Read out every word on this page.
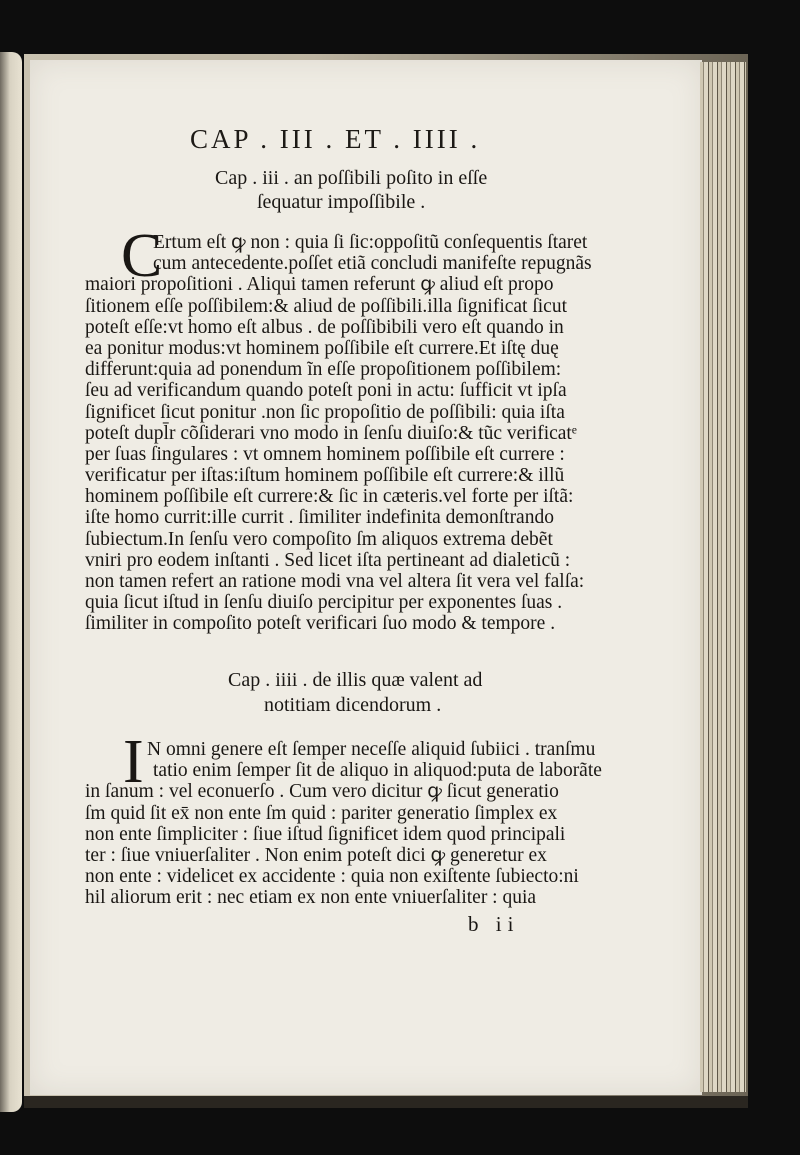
CAP . III . ET . IIII .
Cap . iii . an poſſibili poſito in eſſe
ſequatur impoſſibile .
C
Ertum eſt ꝙ non : quia ſi ſic:oppoſitũ conſequentis ſtaret
cum antecedente.poſſet etiã concludi manifeſte repugnãs
maiori propoſitioni . Aliqui tamen referunt ꝙ aliud eſt propo
ſitionem eſſe poſſibilem:& aliud de poſſibili.illa ſignificat ſicut
poteſt eſſe:vt homo eſt albus . de poſſibibili vero eſt quando in
ea ponitur modus:vt hominem poſſibile eſt currere.Et iſtę duę
differunt:quia ad ponendum ĩn eſſe propoſitionem poſſibilem:
ſeu ad verificandum quando poteſt poni in actu: ſufficit vt ipſa
ſignificet ſicut ponitur .non ſic propoſitio de poſſibili: quia iſta
poteſt dupl̄r cõſiderari vno modo in ſenſu diuiſo:& tũc verificatᵉ
per ſuas ſingulares : vt omnem hominem poſſibile eſt currere :
verificatur per iſtas:iſtum hominem poſſibile eſt currere:& illũ
hominem poſſibile eſt currere:& ſic in cæteris.vel forte per iſtã:
iſte homo currit:ille currit . ſimiliter indefinita demonſtrando
ſubiectum.In ſenſu vero compoſito ſm aliquos extrema debẽt
vniri pro eodem inſtanti . Sed licet iſta pertineant ad dialeticũ :
non tamen refert an ratione modi vna vel altera ſit vera vel falſa:
quia ſicut iſtud in ſenſu diuiſo percipitur per exponentes ſuas .
ſimiliter in compoſito poteſt verificari ſuo modo & tempore .
Cap . iiii . de illis quæ valent ad
notitiam dicendorum .
I N omni genere eſt ſemper neceſſe aliquid ſubiici . tranſmu
tatio enim ſemper ſit de aliquo in aliquod:puta de laborãte
in ſanum : vel econuerſo . Cum vero dicitur ꝙ ſicut generatio
ſm quid ſit ex̄ non ente ſm quid : pariter generatio ſimplex ex
non ente ſimpliciter : ſiue iſtud ſignificet idem quod principali
ter : ſiue vniuerſaliter . Non enim poteſt dici ꝙ generetur ex
non ente : videlicet ex accidente : quia non exiſtente ſubiecto:ni
hil aliorum erit : nec etiam ex non ente vniuerſaliter : quia
b ii
